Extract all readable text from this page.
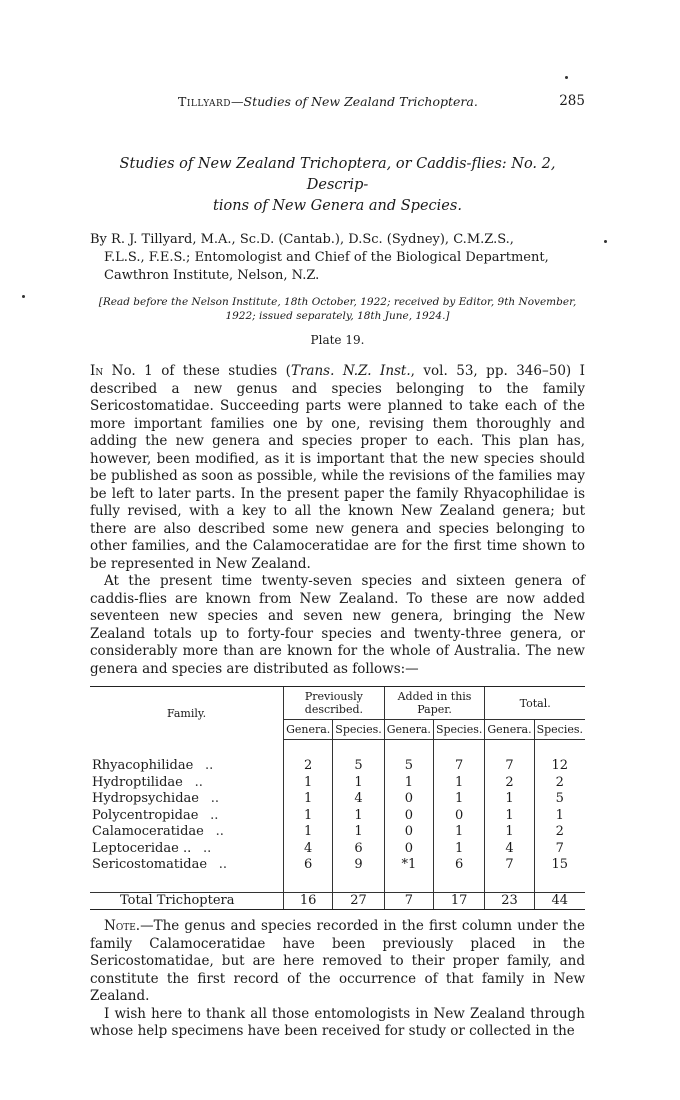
Tillyard—Studies of New Zealand Trichoptera.	285
Studies of New Zealand Trichoptera, or Caddis-flies: No. 2, Descrip-
tions of New Genera and Species.
By R. J. Tillyard, M.A., Sc.D. (Cantab.), D.Sc. (Sydney), C.M.Z.S.,
F.L.S., F.E.S.; Entomologist and Chief of the Biological Department,
Cawthron Institute, Nelson, N.Z.
[Read before the Nelson Institute, 18th October, 1922; received by Editor, 9th November,
1922; issued separately, 18th June, 1924.]
Plate 19.

In No. 1 of these studies (Trans. N.Z. Inst., vol. 53, pp. 346–50) I described a new genus and species belonging to the family Sericostomatidae. Succeeding parts were planned to take each of the more important families one by one, revising them thoroughly and adding the new genera and species proper to each. This plan has, however, been modified, as it is important that the new species should be published as soon as possible, while the revisions of the families may be left to later parts. In the present paper the family Rhyacophilidae is fully revised, with a key to all the known New Zealand genera; but there are also described some new genera and species belonging to other families, and the Calamoceratidae are for the first time shown to be represented in New Zealand.

At the present time twenty-seven species and sixteen genera of caddis-flies are known from New Zealand. To these are now added seventeen new species and seven new genera, bringing the New Zealand totals up to forty-four species and twenty-three genera, or considerably more than are known for the whole of Australia. The new genera and species are distributed as follows:—

Family.	Previously described.		Added in this Paper.		Total.	
	Genera.	Species.	Genera.	Species.	Genera.	Species.

Rhyacophilidae ..	2	5	5	7	7	12
Hydroptilidae ..	1	1	1	1	2	2
Hydropsychidae ..	1	4	0	1	1	5
Polycentropidae ..	1	1	0	0	1	1
Calamoceratidae ..	1	1	0	1	1	2
Leptoceridae .. ..	4	6	0	1	4	7
Sericostomatidae ..	6	9	*1	6	7	15

Total Trichoptera	16	27	7	17	23	44

Note.—The genus and species recorded in the first column under the family Calamoceratidae have been previously placed in the Sericostomatidae, but are here removed to their proper family, and constitute the first record of the occurrence of that family in New Zealand.

I wish here to thank all those entomologists in New Zealand through whose help specimens have been received for study or collected in the
